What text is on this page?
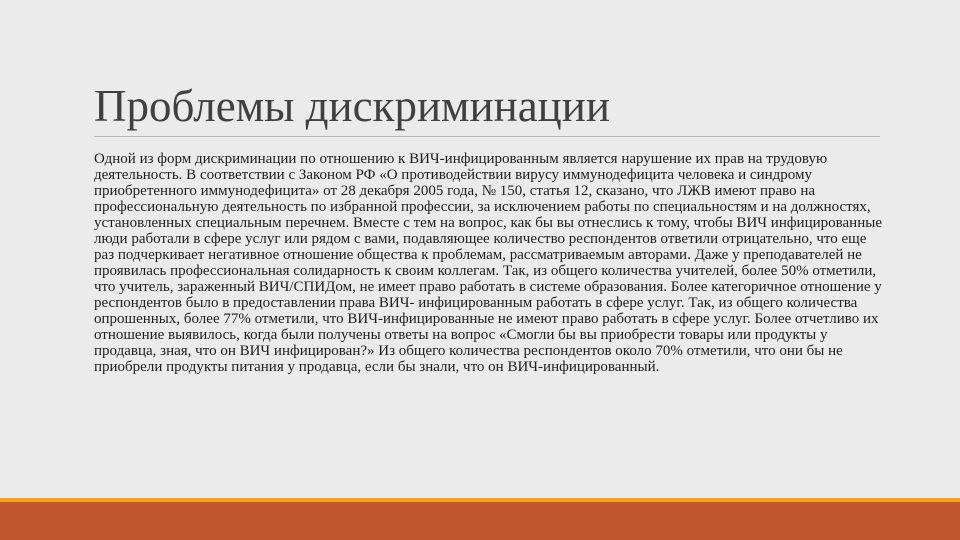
Проблемы дискриминации
Одной из форм дискриминации по отношению к ВИЧ-инфицированным является нарушение их прав на трудовую деятельность. В соответствии с Законом РФ «О противодействии вирусу иммунодефицита человека и синдрому приобретенного иммунодефицита» от 28 декабря 2005 года, № 150, статья 12, сказано, что ЛЖВ имеют право на профессиональную деятельность по избранной профессии, за исключением работы по специальностям и на должностях, установленных специальным перечнем. Вместе с тем на вопрос, как бы вы отнеслись к тому, чтобы ВИЧ инфицированные люди работали в сфере услуг или рядом с вами, подавляющее количество респондентов ответили отрицательно, что еще раз подчеркивает негативное отношение общества к проблемам, рассматриваемым авторами. Даже у преподавателей не проявилась профессиональная солидарность к своим коллегам. Так, из общего количества учителей, более 50% отметили, что учитель, зараженный ВИЧ/СПИДом, не имеет право работать в системе образования. Более категоричное отношение у респондентов было в предоставлении права ВИЧ- инфицированным работать в сфере услуг. Так, из общего количества опрошенных, более 77% отметили, что ВИЧ-инфицированные не имеют право работать в сфере услуг. Более отчетливо их отношение выявилось, когда были получены ответы на вопрос «Смогли бы вы приобрести товары или продукты у продавца, зная, что он ВИЧ инфицирован?» Из общего количества респондентов около 70% отметили, что они бы не приобрели продукты питания у продавца, если бы знали, что он ВИЧ-инфицированный.
